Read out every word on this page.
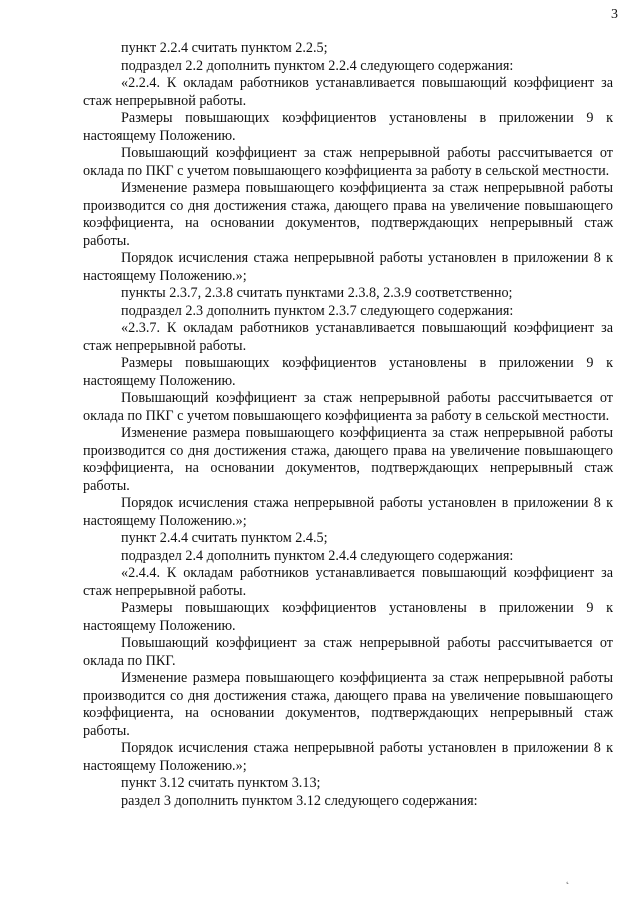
3

пункт 2.2.4 считать пунктом 2.2.5;

подраздел 2.2 дополнить пунктом 2.2.4 следующего содержания:

«2.2.4. К окладам работников устанавливается повышающий коэффициент за стаж непрерывной работы.

Размеры повышающих коэффициентов установлены в приложении 9 к настоящему Положению.

Повышающий коэффициент за стаж непрерывной работы рассчитывается от оклада по ПКГ с учетом повышающего коэффициента за работу в сельской местности.

Изменение размера повышающего коэффициента за стаж непрерывной работы производится со дня достижения стажа, дающего права на увеличение повышающего коэффициента, на основании документов, подтверждающих непрерывный стаж работы.

Порядок исчисления стажа непрерывной работы установлен в приложении 8 к настоящему Положению.»;

пункты 2.3.7, 2.3.8 считать пунктами 2.3.8, 2.3.9 соответственно;

подраздел 2.3 дополнить пунктом 2.3.7 следующего содержания:

«2.3.7. К окладам работников устанавливается повышающий коэффициент за стаж непрерывной работы.

Размеры повышающих коэффициентов установлены в приложении 9 к настоящему Положению.

Повышающий коэффициент за стаж непрерывной работы рассчитывается от оклада по ПКГ с учетом повышающего коэффициента за работу в сельской местности.

Изменение размера повышающего коэффициента за стаж непрерывной работы производится со дня достижения стажа, дающего права на увеличение повышающего коэффициента, на основании документов, подтверждающих непрерывный стаж работы.

Порядок исчисления стажа непрерывной работы установлен в приложении 8 к настоящему Положению.»;

пункт 2.4.4 считать пунктом 2.4.5;

подраздел 2.4 дополнить пунктом 2.4.4 следующего содержания:

«2.4.4. К окладам работников устанавливается повышающий коэффициент за стаж непрерывной работы.

Размеры повышающих коэффициентов установлены в приложении 9 к настоящему Положению.

Повышающий коэффициент за стаж непрерывной работы рассчитывается от оклада по ПКГ.

Изменение размера повышающего коэффициента за стаж непрерывной работы производится со дня достижения стажа, дающего права на увеличение повышающего коэффициента, на основании документов, подтверждающих непрерывный стаж работы.

Порядок исчисления стажа непрерывной работы установлен в приложении 8 к настоящему Положению.»;

пункт 3.12 считать пунктом 3.13;

раздел 3 дополнить пунктом 3.12 следующего содержания:

˛
